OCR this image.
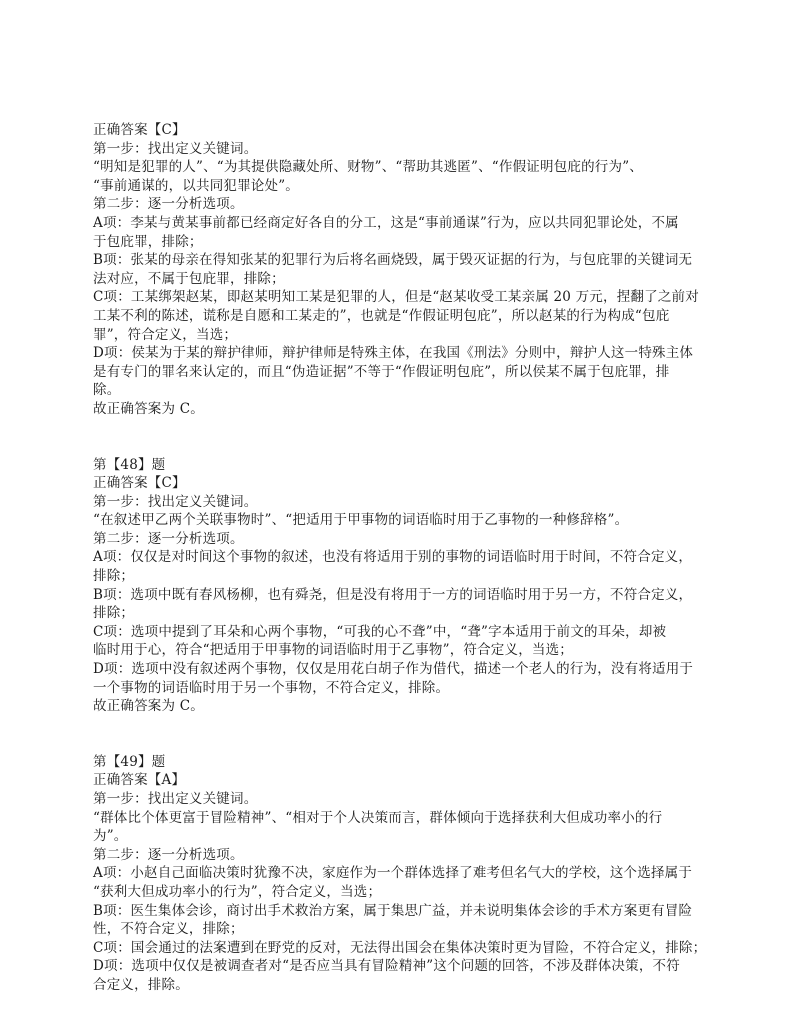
正确答案【C】
第一步：找出定义关键词。
“明知是犯罪的人”、“为其提供隐藏处所、财物”、“帮助其逃匿”、“作假证明包庇的行为”、
“事前通谋的，以共同犯罪论处”。
第二步：逐一分析选项。
A项：李某与黄某事前都已经商定好各自的分工，这是“事前通谋”行为，应以共同犯罪论处，不属
于包庇罪，排除；
B项：张某的母亲在得知张某的犯罪行为后将名画烧毁，属于毁灭证据的行为，与包庇罪的关键词无
法对应，不属于包庇罪，排除；
C项：工某绑架赵某，即赵某明知工某是犯罪的人，但是“赵某收受工某亲属 20 万元，捏翻了之前对
工某不利的陈述，谎称是自愿和工某走的”，也就是“作假证明包庇”，所以赵某的行为构成“包庇
罪”，符合定义，当选；
D项：侯某为于某的辩护律师，辩护律师是特殊主体，在我国《刑法》分则中，辩护人这一特殊主体
是有专门的罪名来认定的，而且“伪造证据”不等于“作假证明包庇”，所以侯某不属于包庇罪，排
除。
故正确答案为 C。
第【48】题
正确答案【C】
第一步：找出定义关键词。
“在叙述甲乙两个关联事物时”、“把适用于甲事物的词语临时用于乙事物的一种修辞格”。
第二步：逐一分析选项。
A项：仅仅是对时间这个事物的叙述，也没有将适用于别的事物的词语临时用于时间，不符合定义，
排除；
B项：选项中既有春风杨柳，也有舜尧，但是没有将用于一方的词语临时用于另一方，不符合定义，
排除；
C项：选项中提到了耳朵和心两个事物，“可我的心不聋”中，“聋”字本适用于前文的耳朵，却被
临时用于心，符合“把适用于甲事物的词语临时用于乙事物”，符合定义，当选；
D项：选项中没有叙述两个事物，仅仅是用花白胡子作为借代，描述一个老人的行为，没有将适用于
一个事物的词语临时用于另一个事物，不符合定义，排除。
故正确答案为 C。
第【49】题
正确答案【A】
第一步：找出定义关键词。
“群体比个体更富于冒险精神”、“相对于个人决策而言，群体倾向于选择获利大但成功率小的行
为”。
第二步：逐一分析选项。
A项：小赵自己面临决策时犹豫不决，家庭作为一个群体选择了难考但名气大的学校，这个选择属于
“获利大但成功率小的行为”，符合定义，当选；
B项：医生集体会诊，商讨出手术救治方案，属于集思广益，并未说明集体会诊的手术方案更有冒险
性，不符合定义，排除；
C项：国会通过的法案遭到在野党的反对，无法得出国会在集体决策时更为冒险，不符合定义，排除；
D项：选项中仅仅是被调查者对“是否应当具有冒险精神”这个问题的回答，不涉及群体决策，不符
合定义，排除。
